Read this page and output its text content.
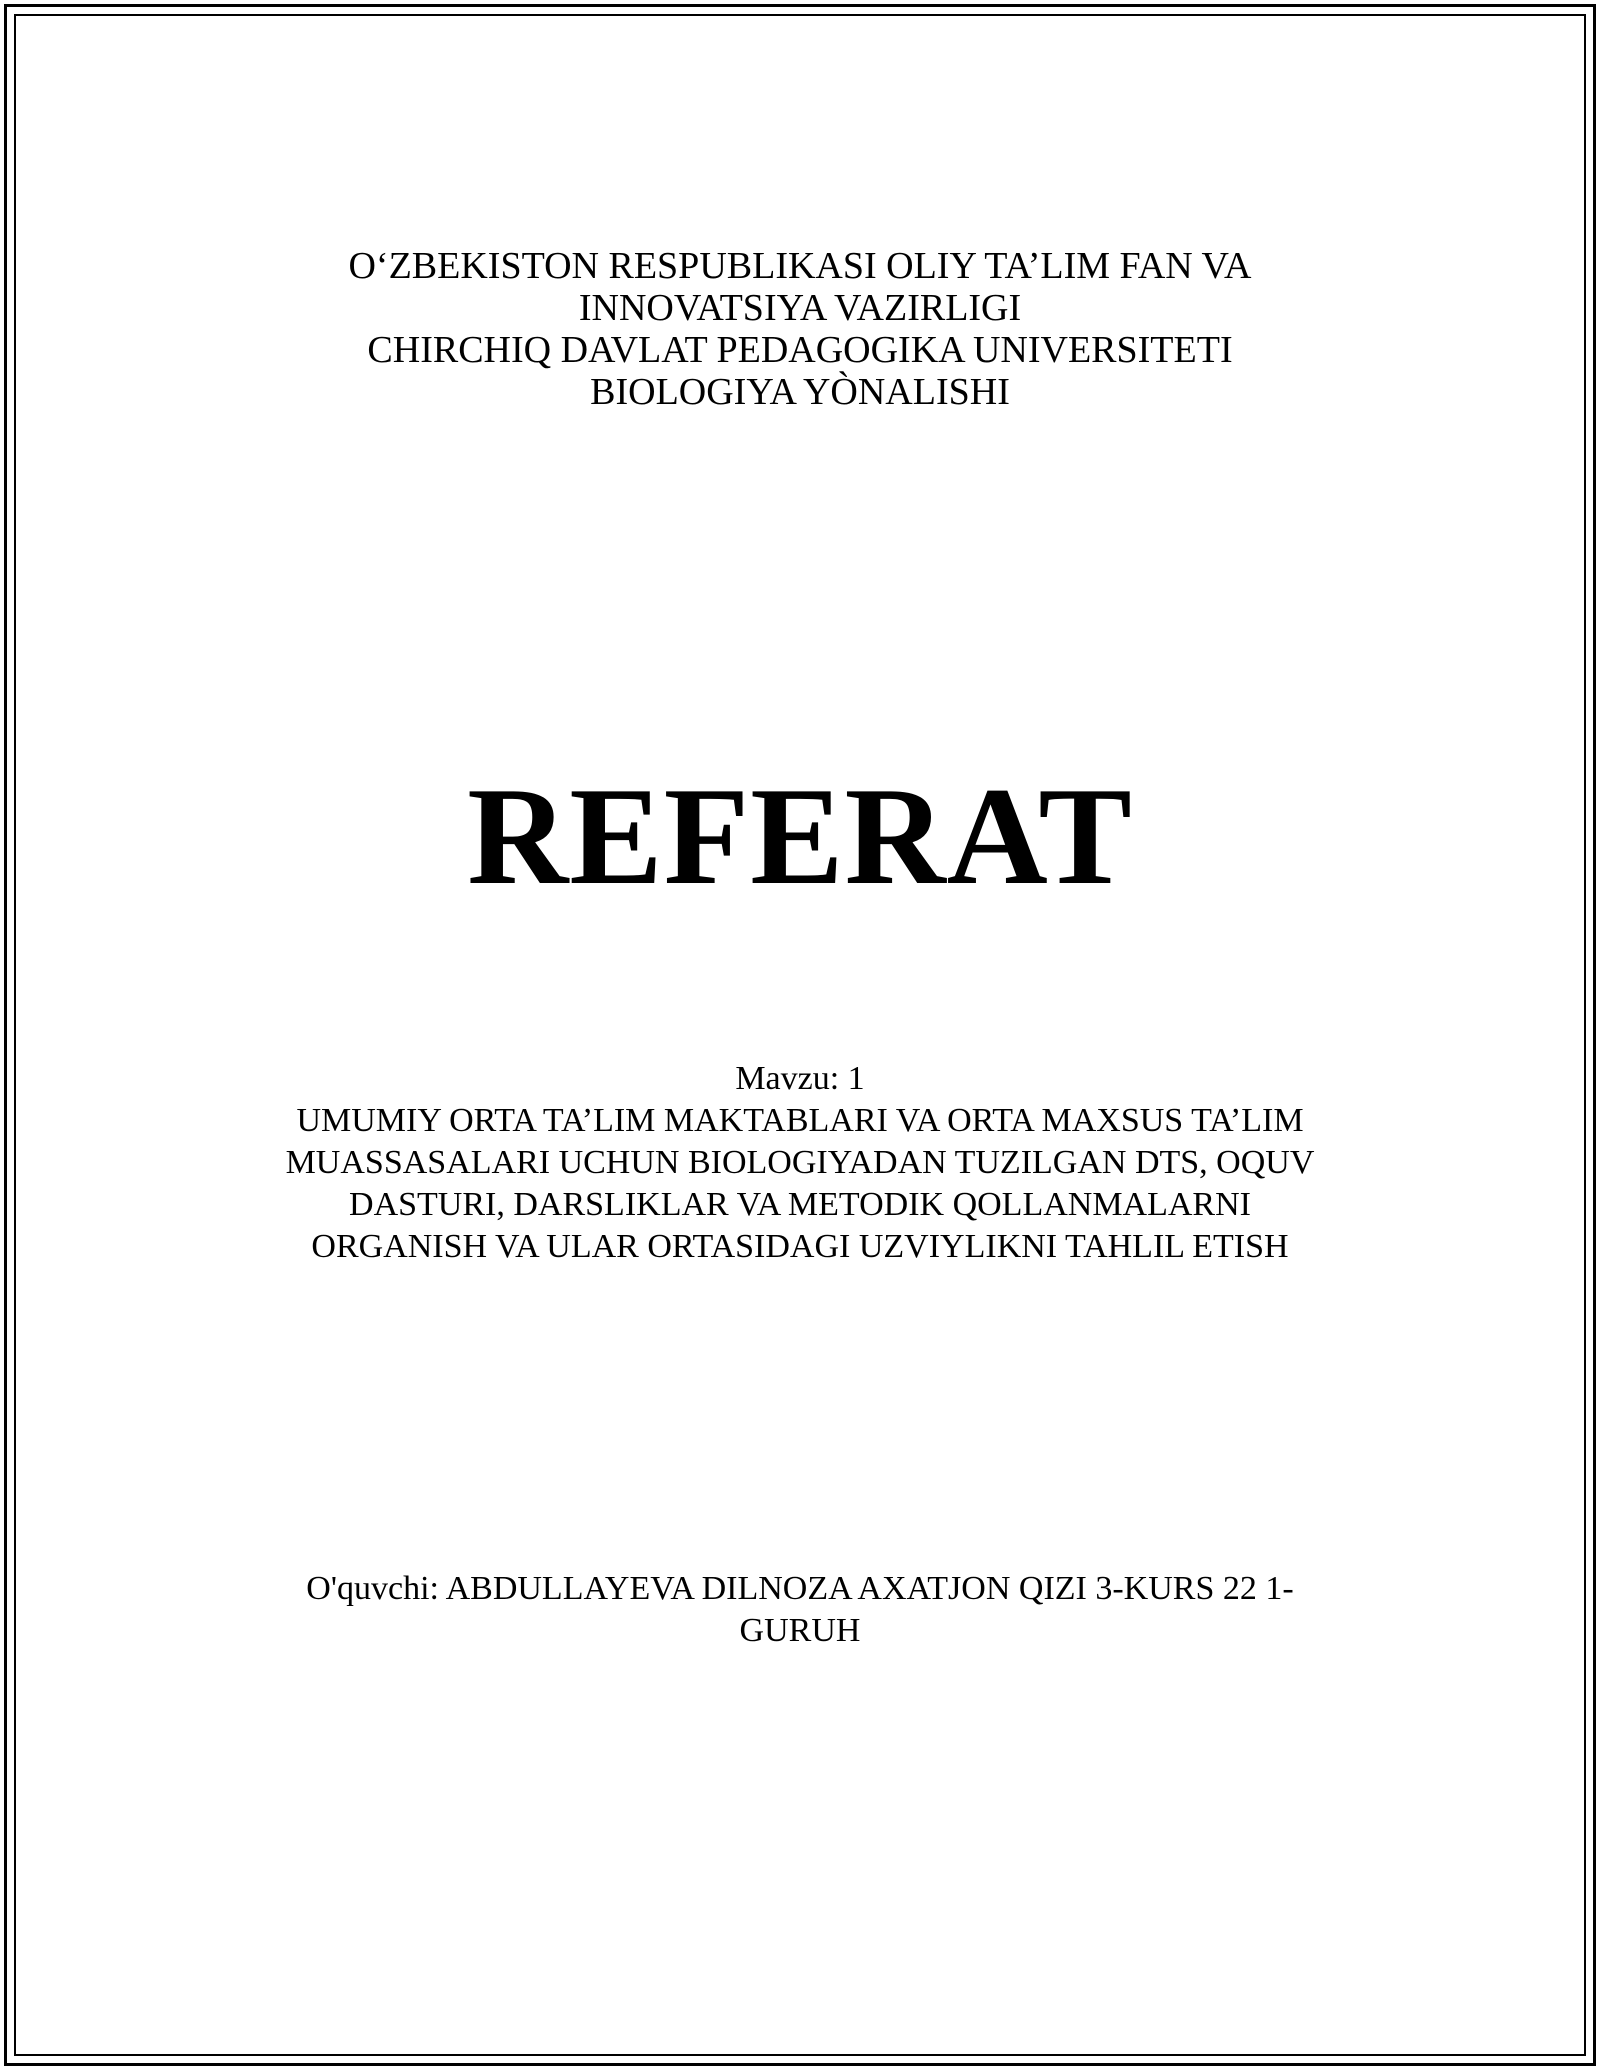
O‘ZBEKISTON RESPUBLIKASI OLIY TA’LIM FAN VA
INNOVATSIYA VAZIRLIGI
CHIRCHIQ DAVLAT PEDAGOGIKA UNIVERSITETI
BIOLOGIYA YÒNALISHI
REFERAT
Mavzu: 1
UMUMIY ORTA TA’LIM MAKTABLARI VA ORTA MAXSUS TA’LIM
MUASSASALARI UCHUN BIOLOGIYADAN TUZILGAN DTS, OQUV
DASTURI, DARSLIKLAR VA METODIK QOLLANMALARNI
ORGANISH VA ULAR ORTASIDAGI UZVIYLIKNI TAHLIL ETISH
O'quvchi: ABDULLAYEVA DILNOZA AXATJON QIZI 3-KURS 22 1-
GURUH
